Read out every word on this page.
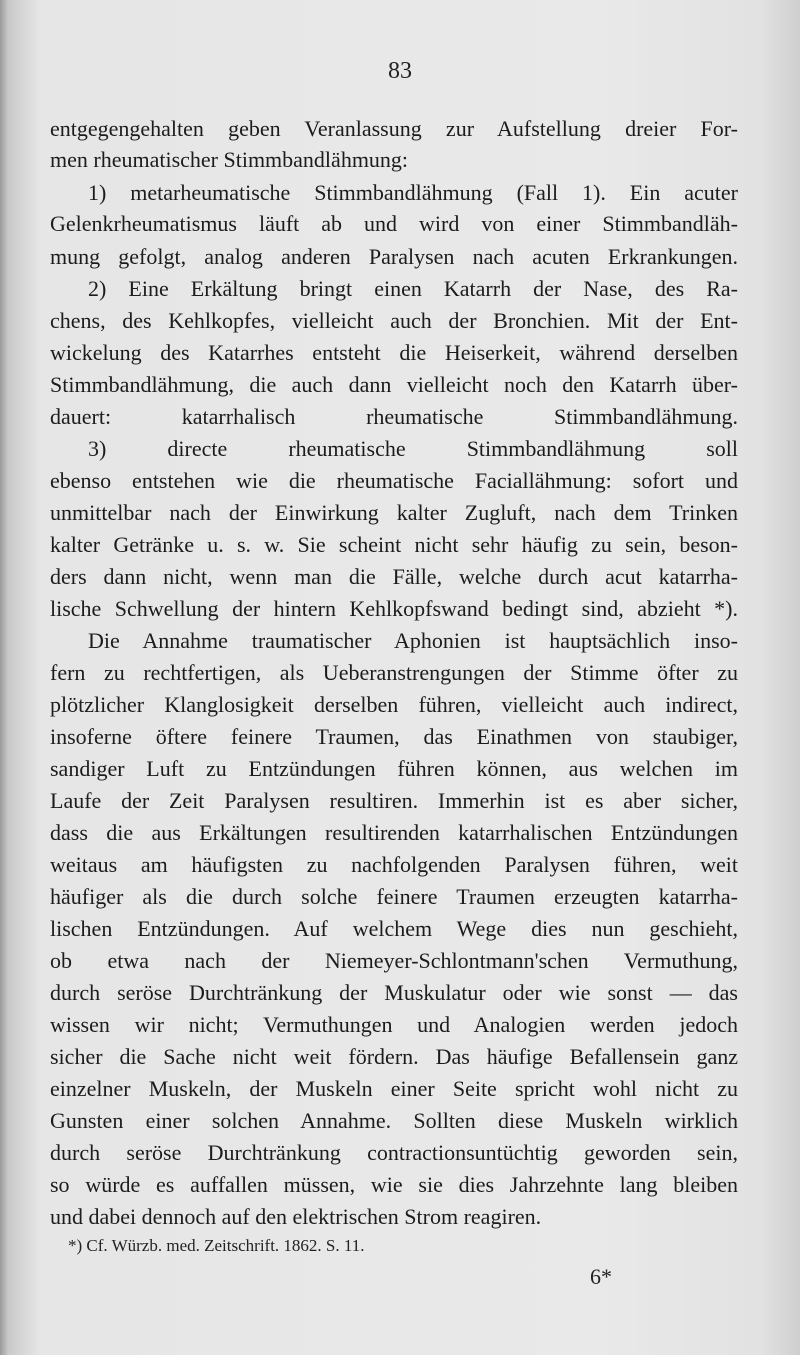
83
entgegengehalten geben Veranlassung zur Aufstellung dreier For-
men rheumatischer Stimmbandlähmung:
1) metarheumatische Stimmbandlähmung (Fall 1). Ein acuter
Gelenkrheumatismus läuft ab und wird von einer Stimmbandläh-
mung gefolgt, analog anderen Paralysen nach acuten Erkrankungen.
2) Eine Erkältung bringt einen Katarrh der Nase, des Ra-
chens, des Kehlkopfes, vielleicht auch der Bronchien. Mit der Ent-
wickelung des Katarrhes entsteht die Heiserkeit, während derselben
Stimmbandlähmung, die auch dann vielleicht noch den Katarrh über-
dauert: katarrhalisch rheumatische Stimmbandlähmung.
3) directe rheumatische Stimmbandlähmung soll
ebenso entstehen wie die rheumatische Faciallähmung: sofort und
unmittelbar nach der Einwirkung kalter Zugluft, nach dem Trinken
kalter Getränke u. s. w. Sie scheint nicht sehr häufig zu sein, beson-
ders dann nicht, wenn man die Fälle, welche durch acut katarrha-
lische Schwellung der hintern Kehlkopfswand bedingt sind, abzieht *).
Die Annahme traumatischer Aphonien ist hauptsächlich inso-
fern zu rechtfertigen, als Ueberanstrengungen der Stimme öfter zu
plötzlicher Klanglosigkeit derselben führen, vielleicht auch indirect,
insoferne öftere feinere Traumen, das Einathmen von staubiger,
sandiger Luft zu Entzündungen führen können, aus welchen im
Laufe der Zeit Paralysen resultiren. Immerhin ist es aber sicher,
dass die aus Erkältungen resultirenden katarrhalischen Entzündungen
weitaus am häufigsten zu nachfolgenden Paralysen führen, weit
häufiger als die durch solche feinere Traumen erzeugten katarrha-
lischen Entzündungen. Auf welchem Wege dies nun geschieht,
ob etwa nach der Niemeyer-Schlontmann'schen Vermuthung,
durch seröse Durchtränkung der Muskulatur oder wie sonst — das
wissen wir nicht; Vermuthungen und Analogien werden jedoch
sicher die Sache nicht weit fördern. Das häufige Befallensein ganz
einzelner Muskeln, der Muskeln einer Seite spricht wohl nicht zu
Gunsten einer solchen Annahme. Sollten diese Muskeln wirklich
durch seröse Durchtränkung contractionsuntüchtig geworden sein,
so würde es auffallen müssen, wie sie dies Jahrzehnte lang bleiben
und dabei dennoch auf den elektrischen Strom reagiren.
*) Cf. Würzb. med. Zeitschrift. 1862. S. 11.
6*
